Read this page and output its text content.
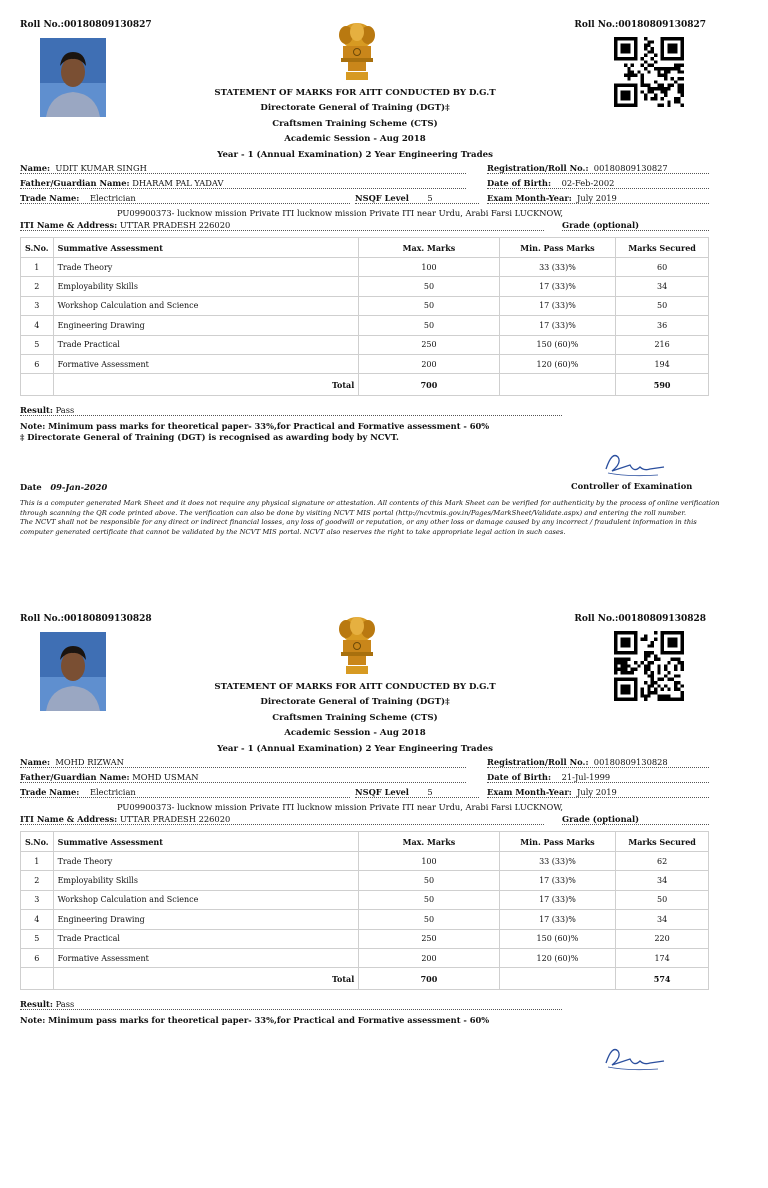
Roll No.:00180809130827	Roll No.:00180809130827
STATEMENT OF MARKS FOR AITT CONDUCTED BY D.G.T
Directorate General of Training (DGT)‡
Craftsmen Training Scheme (CTS)
Academic Session - Aug 2018
Year - 1 (Annual Examination) 2 Year Engineering Trades
Name: UDIT KUMAR SINGH	Registration/Roll No.: 00180809130827
Father/Guardian Name: DHARAM PAL YADAV	Date of Birth: 02-Feb-2002
Trade Name: Electrician	NSQF Level 5	Exam Month-Year: July 2019
PU09900373- lucknow mission Private ITI lucknow mission Private ITI near Urdu, Arabi Farsi LUCKNOW,
ITI Name & Address: UTTAR PRADESH 226020	Grade (optional)
S.No.	Summative Assessment	Max. Marks	Min. Pass Marks	Marks Secured
1	Trade Theory	100	33 (33)%	60
2	Employability Skills	50	17 (33)%	34
3	Workshop Calculation and Science	50	17 (33)%	50
4	Engineering Drawing	50	17 (33)%	36
5	Trade Practical	250	150 (60)%	216
6	Formative Assessment	200	120 (60)%	194
	Total	700		590
Result: Pass
Note: Minimum pass marks for theoretical paper- 33%,for Practical and Formative assessment - 60%
‡ Directorate General of Training (DGT) is recognised as awarding body by NCVT.
Date 09-Jan-2020	Controller of Examination
This is a computer generated Mark Sheet and it does not require any physical signature or attestation. All contents of this Mark Sheet can be verified for authenticity by the process of online verification through scanning the QR code printed above. The verification can also be done by visiting NCVT MIS portal (http://ncvtmis.gov.in/Pages/MarkSheet/Validate.aspx) and entering the roll number.
The NCVT shall not be responsible for any direct or indirect financial losses, any loss of goodwill or reputation, or any other loss or damage caused by any incorrect / fraudulent information in this computer generated certificate that cannot be validated by the NCVT MIS portal. NCVT also reserves the right to take appropriate legal action in such cases.
Roll No.:00180809130828	Roll No.:00180809130828
STATEMENT OF MARKS FOR AITT CONDUCTED BY D.G.T
Directorate General of Training (DGT)‡
Craftsmen Training Scheme (CTS)
Academic Session - Aug 2018
Year - 1 (Annual Examination) 2 Year Engineering Trades
Name: MOHD RIZWAN	Registration/Roll No.: 00180809130828
Father/Guardian Name: MOHD USMAN	Date of Birth: 21-Jul-1999
Trade Name: Electrician	NSQF Level 5	Exam Month-Year: July 2019
PU09900373- lucknow mission Private ITI lucknow mission Private ITI near Urdu, Arabi Farsi LUCKNOW,
ITI Name & Address: UTTAR PRADESH 226020	Grade (optional)
S.No.	Summative Assessment	Max. Marks	Min. Pass Marks	Marks Secured
1	Trade Theory	100	33 (33)%	62
2	Employability Skills	50	17 (33)%	34
3	Workshop Calculation and Science	50	17 (33)%	50
4	Engineering Drawing	50	17 (33)%	34
5	Trade Practical	250	150 (60)%	220
6	Formative Assessment	200	120 (60)%	174
	Total	700		574
Result: Pass
Note: Minimum pass marks for theoretical paper- 33%,for Practical and Formative assessment - 60%
